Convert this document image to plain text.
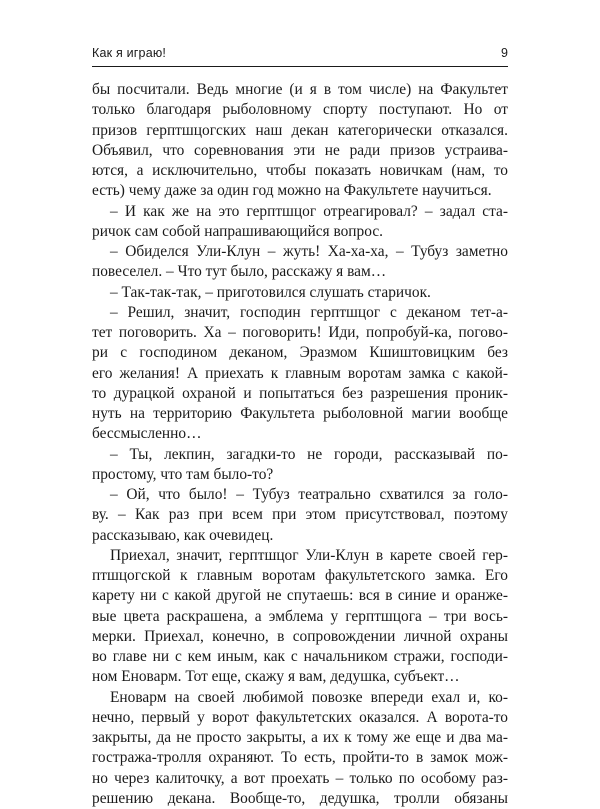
Как я играю!	9
бы посчитали. Ведь многие (и я в том числе) на Факультет
только благодаря рыболовному спорту поступают. Но от
призов герптшцогских наш декан категорически отказался.
Объявил, что соревнования эти не ради призов устраива-
ются, а исключительно, чтобы показать новичкам (нам, то
есть) чему даже за один год можно на Факультете научиться.
– И как же на это герптшцог отреагировал? – задал ста-
ричок сам собой напрашивающийся вопрос.
– Обиделся Ули-Клун – жуть! Ха-ха-ха, – Тубуз заметно
повеселел. – Что тут было, расскажу я вам…
– Так-так-так, – приготовился слушать старичок.
– Решил, значит, господин герптшцог с деканом тет-а-
тет поговорить. Ха – поговорить! Иди, попробуй-ка, погово-
ри с господином деканом, Эразмом Кшиштовицким без
его желания! А приехать к главным воротам замка с какой-
то дурацкой охраной и попытаться без разрешения проник-
нуть на территорию Факультета рыболовной магии вообще
бессмысленно…
– Ты, лекпин, загадки-то не городи, рассказывай по-
простому, что там было-то?
– Ой, что было! – Тубуз театрально схватился за голо-
ву. – Как раз при всем при этом присутствовал, поэтому
рассказываю, как очевидец.
Приехал, значит, герптшцог Ули-Клун в карете своей гер-
птшцогской к главным воротам факультетского замка. Его
карету ни с какой другой не спутаешь: вся в синие и оранже-
вые цвета раскрашена, а эмблема у герптшцога – три вось-
мерки. Приехал, конечно, в сопровождении личной охраны
во главе ни с кем иным, как с начальником стражи, господи-
ном Еноварм. Тот еще, скажу я вам, дедушка, субъект…
Еноварм на своей любимой повозке впереди ехал и, ко-
нечно, первый у ворот факультетских оказался. А ворота-то
закрыты, да не просто закрыты, а их к тому же еще и два ма-
гостража-тролля охраняют. То есть, пройти-то в замок мож-
но через калиточку, а вот проехать – только по особому раз-
решению декана. Вообще-то, дедушка, тролли обязаны
